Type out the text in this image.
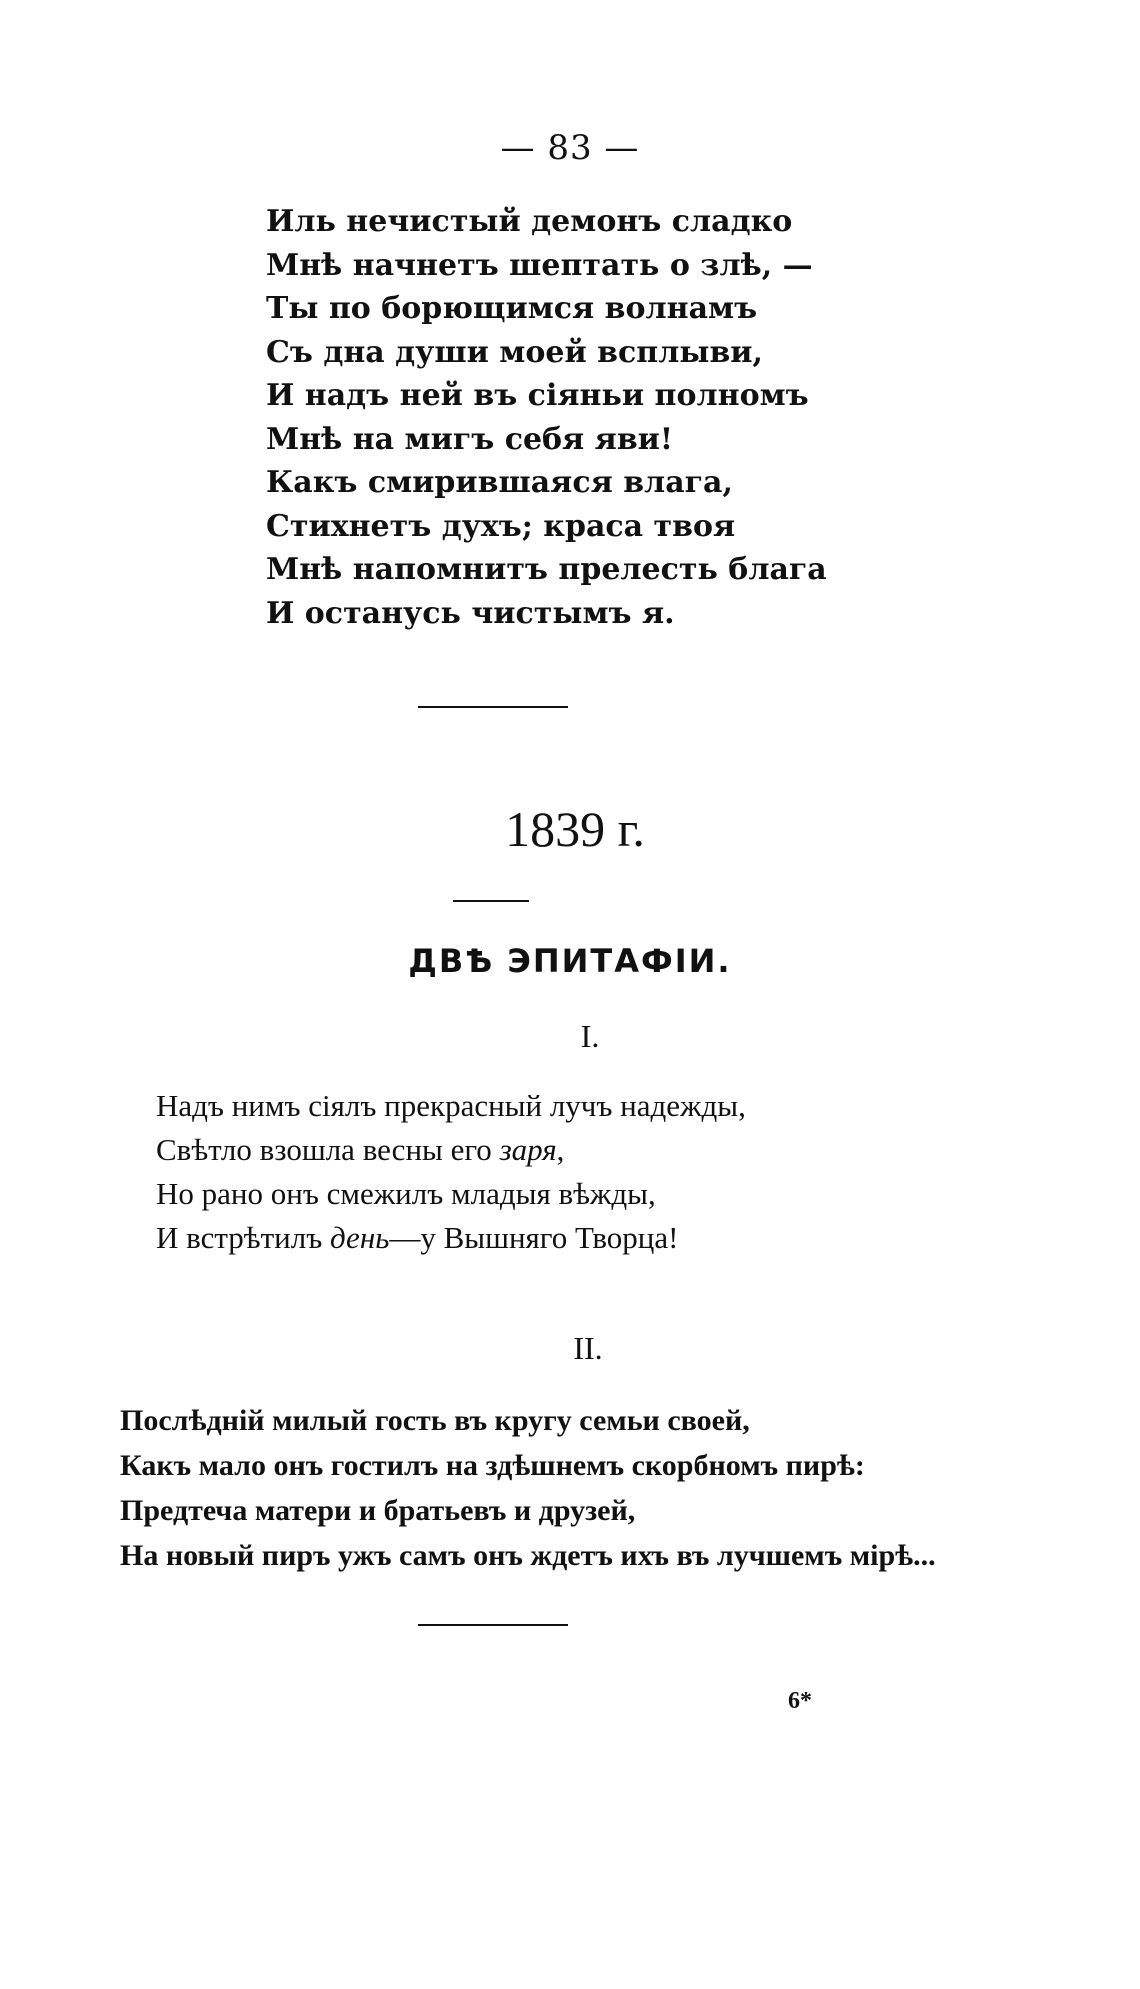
— 83 —
Иль нечистый демонъ сладко
Мнѣ начнетъ шептать о злѣ, —
Ты по борющимся волнамъ
Съ дна души моей всплыви,
И надъ ней въ сіяньи полномъ
Мнѣ на мигъ себя яви!
Какъ смирившаяся влага,
Стихнетъ духъ; краса твоя
Мнѣ напомнитъ прелесть блага
И останусь чистымъ я.
1839 г.
ДВѢ ЭПИТАФІИ.
I.
Надъ нимъ сіялъ прекрасный лучъ надежды,
Свѣтло взошла весны его заря,
Но рано онъ смежилъ младыя вѣжды,
И встрѣтилъ день—у Вышняго Творца!
II.
Послѣдній милый гость въ кругу семьи своей,
Какъ мало онъ гостилъ на здѣшнемъ скорбномъ пирѣ:
Предтеча матери и братьевъ и друзей,
На новый пиръ ужъ самъ онъ ждетъ ихъ въ лучшемъ мірѣ...
6*
